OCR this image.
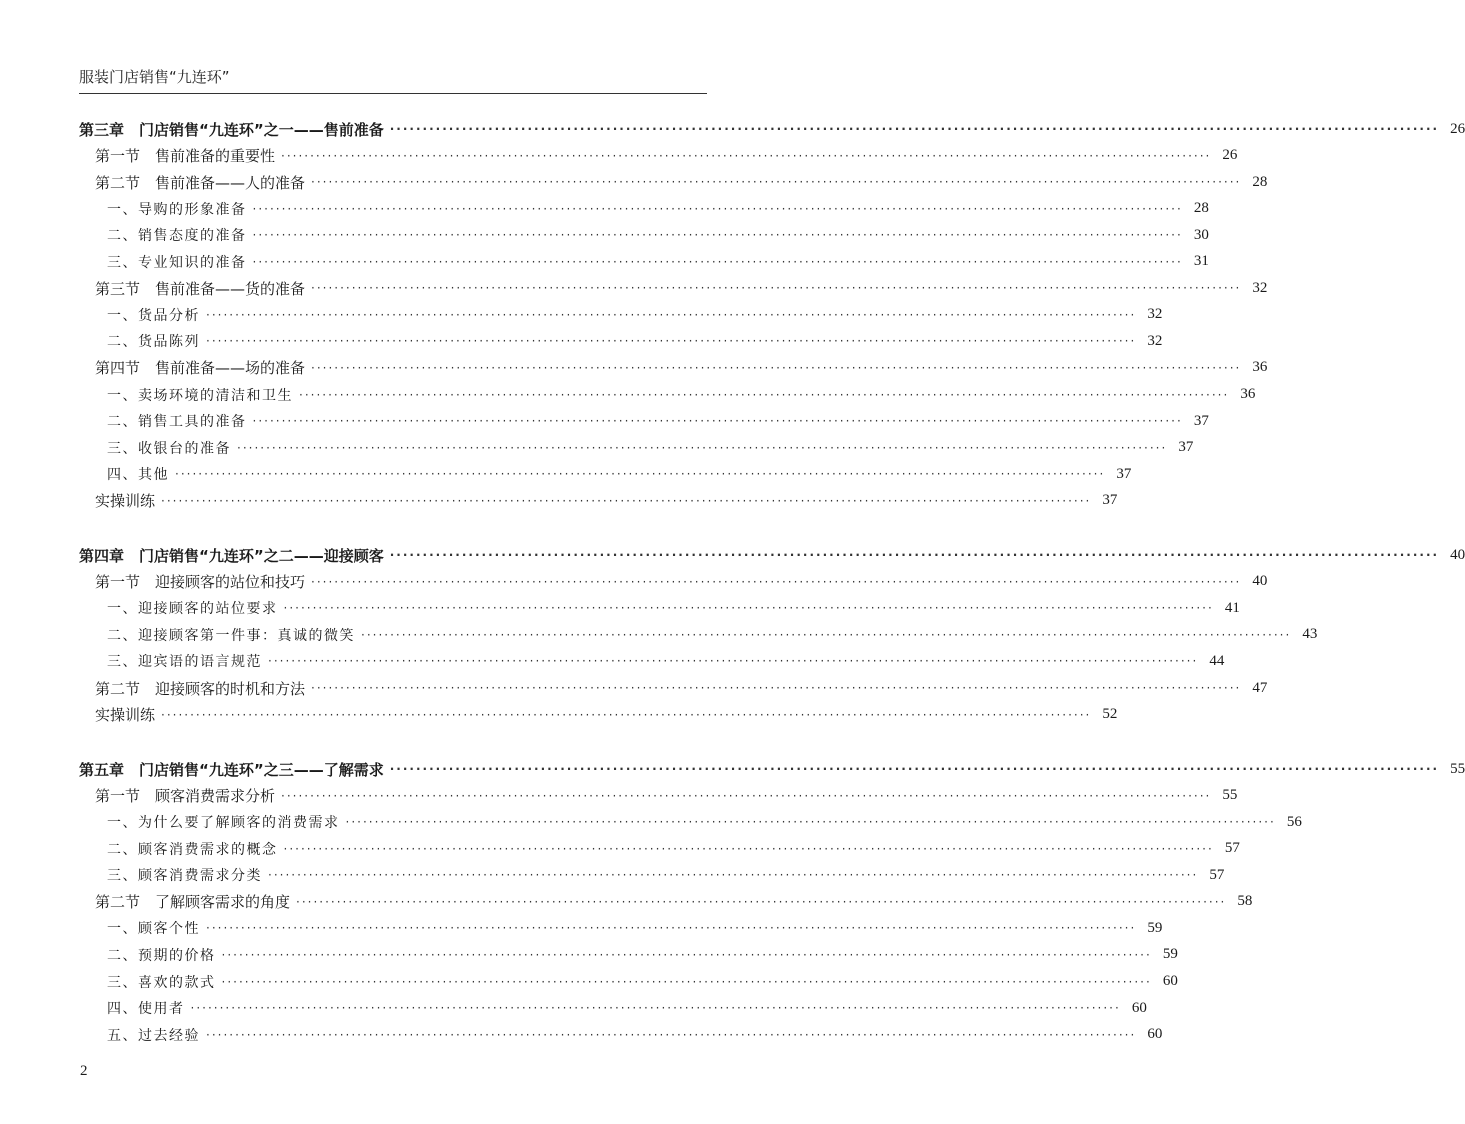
服装门店销售“九连环”
第三章　门店销售“九连环”之一——售前准备 ································································································································································ 26
第一节　售前准备的重要性 ································································································································································ 26
第二节　售前准备——人的准备 ································································································································································ 28
一、导购的形象准备 ································································································································································ 28
二、销售态度的准备 ································································································································································ 30
三、专业知识的准备 ································································································································································ 31
第三节　售前准备——货的准备 ································································································································································ 32
一、货品分析 ································································································································································ 32
二、货品陈列 ································································································································································ 32
第四节　售前准备——场的准备 ································································································································································ 36
一、卖场环境的清洁和卫生 ································································································································································ 36
二、销售工具的准备 ································································································································································ 37
三、收银台的准备 ································································································································································ 37
四、其他 ································································································································································ 37
实操训练 ································································································································································ 37
第四章　门店销售“九连环”之二——迎接顾客 ································································································································································ 40
第一节　迎接顾客的站位和技巧 ································································································································································ 40
一、迎接顾客的站位要求 ································································································································································ 41
二、迎接顾客第一件事：真诚的微笑 ································································································································································ 43
三、迎宾语的语言规范 ································································································································································ 44
第二节　迎接顾客的时机和方法 ································································································································································ 47
实操训练 ································································································································································ 52
第五章　门店销售“九连环”之三——了解需求 ································································································································································ 55
第一节　顾客消费需求分析 ································································································································································ 55
一、为什么要了解顾客的消费需求 ································································································································································ 56
二、顾客消费需求的概念 ································································································································································ 57
三、顾客消费需求分类 ································································································································································ 57
第二节　了解顾客需求的角度 ································································································································································ 58
一、顾客个性 ································································································································································ 59
二、预期的价格 ································································································································································ 59
三、喜欢的款式 ································································································································································ 60
四、使用者 ································································································································································ 60
五、过去经验 ································································································································································ 60
2
